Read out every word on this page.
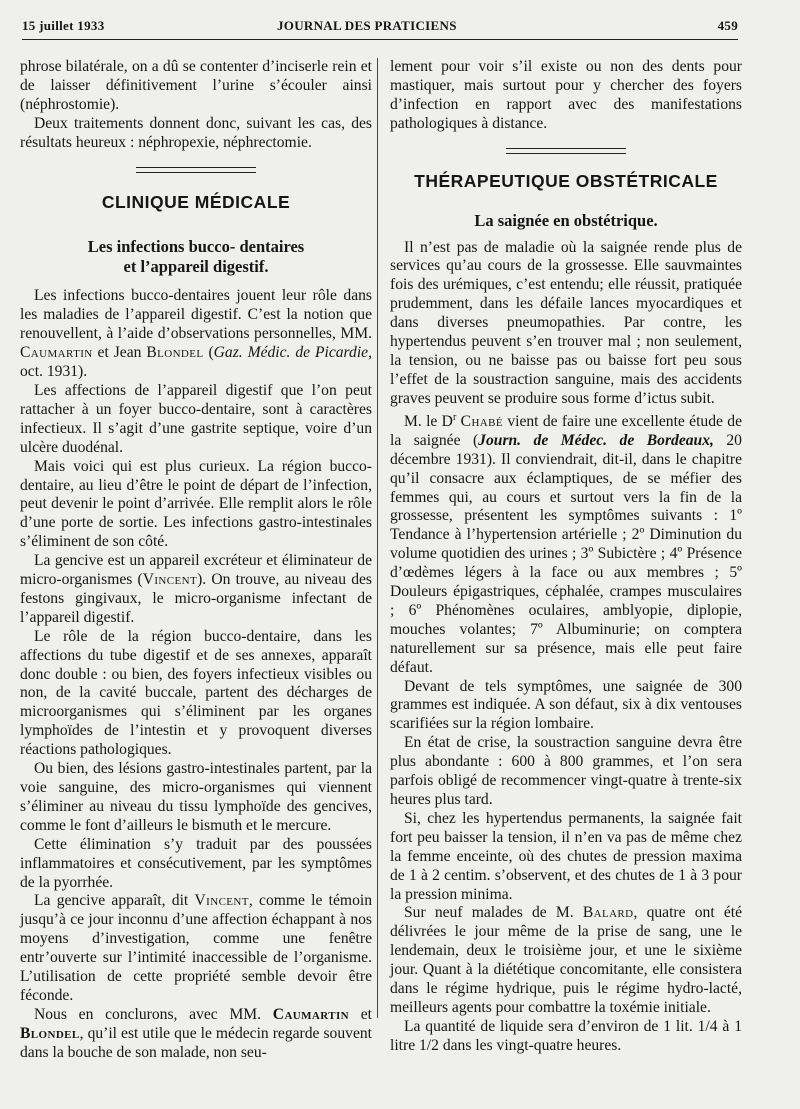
15 juillet 1933	JOURNAL DES PRATICIENS	459

phrose bilatérale, on a dû se contenter d’inciserle rein et de laisser définitivement l’urine s’écouler ainsi (néphrostomie).

Deux traitements donnent donc, suivant les cas, des résultats heureux : néphropexie, néphrectomie.

CLINIQUE MÉDICALE
Les infections bucco- dentaires
et l’appareil digestif.

Les infections bucco-dentaires jouent leur rôle dans les maladies de l’appareil digestif. C’est la notion que renouvellent, à l’aide d’observations personnelles, MM. Caumartin et Jean Blondel (Gaz. Médic. de Picardie, oct. 1931).

Les affections de l’appareil digestif que l’on peut rattacher à un foyer bucco-dentaire, sont à caractères infectieux. Il s’agit d’une gastrite septique, voire d’un ulcère duodénal.

Mais voici qui est plus curieux. La région bucco-dentaire, au lieu d’être le point de départ de l’infection, peut devenir le point d’arrivée. Elle remplit alors le rôle d’une porte de sortie. Les infections gastro-intestinales s’éliminent de son côté.

La gencive est un appareil excréteur et éliminateur de micro-organismes (Vincent). On trouve, au niveau des festons gingivaux, le micro-organisme infectant de l’appareil digestif.

Le rôle de la région bucco-dentaire, dans les affections du tube digestif et de ses annexes, apparaît donc double : ou bien, des foyers infectieux visibles ou non, de la cavité buccale, partent des décharges de microorganismes qui s’éliminent par les organes lymphoïdes de l’intestin et y provoquent diverses réactions pathologiques.

Ou bien, des lésions gastro-intestinales partent, par la voie sanguine, des micro-organismes qui viennent s’éliminer au niveau du tissu lymphoïde des gencives, comme le font d’ailleurs le bismuth et le mercure.

Cette élimination s’y traduit par des poussées inflammatoires et consécutivement, par les symptômes de la pyorrhée.

La gencive apparaît, dit Vincent, comme le témoin jusqu’à ce jour inconnu d’une affection échappant à nos moyens d’investigation, comme une fenêtre entr’ouverte sur l’intimité inaccessible de l’organisme. L’utilisation de cette propriété semble devoir être féconde.

Nous en conclurons, avec MM. Caumartin et Blondel, qu’il est utile que le médecin regarde souvent dans la bouche de son malade, non seu-

lement pour voir s’il existe ou non des dents pour mastiquer, mais surtout pour y chercher des foyers d’infection en rapport avec des manifestations pathologiques à distance.

THÉRAPEUTIQUE OBSTÉTRICALE
La saignée en obstétrique.

Il n’est pas de maladie où la saignée rende plus de services qu’au cours de la grossesse. Elle sauvmaintes fois des urémiques, c’est entendu; elle réussit, pratiquée prudemment, dans les défaile lances myocardiques et dans diverses pneumopathies. Par contre, les hypertendus peuvent s’en trouver mal ; non seulement, la tension, ou ne baisse pas ou baisse fort peu sous l’effet de la soustraction sanguine, mais des accidents graves peuvent se produire sous forme d’ictus subit.

M. le $D^r$ Chabé vient de faire une excellente étude de la saignée (Journ. de Médec. de Bordeaux, 20 décembre 1931). Il conviendrait, dit-il, dans le chapitre qu’il consacre aux éclamptiques, de se méfier des femmes qui, au cours et surtout vers la fin de la grossesse, présentent les symptômes suivants : 1º Tendance à l’hypertension artérielle ; 2º Diminution du volume quotidien des urines ; 3º Subictère ; 4º Présence d’œdèmes légers à la face ou aux membres ; 5º Douleurs épigastriques, céphalée, crampes musculaires ; 6º Phénomènes oculaires, amblyopie, diplopie, mouches volantes; 7º Albuminurie; on comptera naturellement sur sa présence, mais elle peut faire défaut.

Devant de tels symptômes, une saignée de 300 grammes est indiquée. A son défaut, six à dix ventouses scarifiées sur la région lombaire.

En état de crise, la soustraction sanguine devra être plus abondante : 600 à 800 grammes, et l’on sera parfois obligé de recommencer vingt-quatre à trente-six heures plus tard.

Si, chez les hypertendus permanents, la saignée fait fort peu baisser la tension, il n’en va pas de même chez la femme enceinte, où des chutes de pression maxima de 1 à 2 centim. s’observent, et des chutes de 1 à 3 pour la pression minima.

Sur neuf malades de M. Balard, quatre ont été délivrées le jour même de la prise de sang, une le lendemain, deux le troisième jour, et une le sixième jour. Quant à la diététique concomitante, elle consistera dans le régime hydrique, puis le régime hydro-lacté, meilleurs agents pour combattre la toxémie initiale.

La quantité de liquide sera d’environ de 1 lit. 1/4 à 1 litre 1/2 dans les vingt-quatre heures.
